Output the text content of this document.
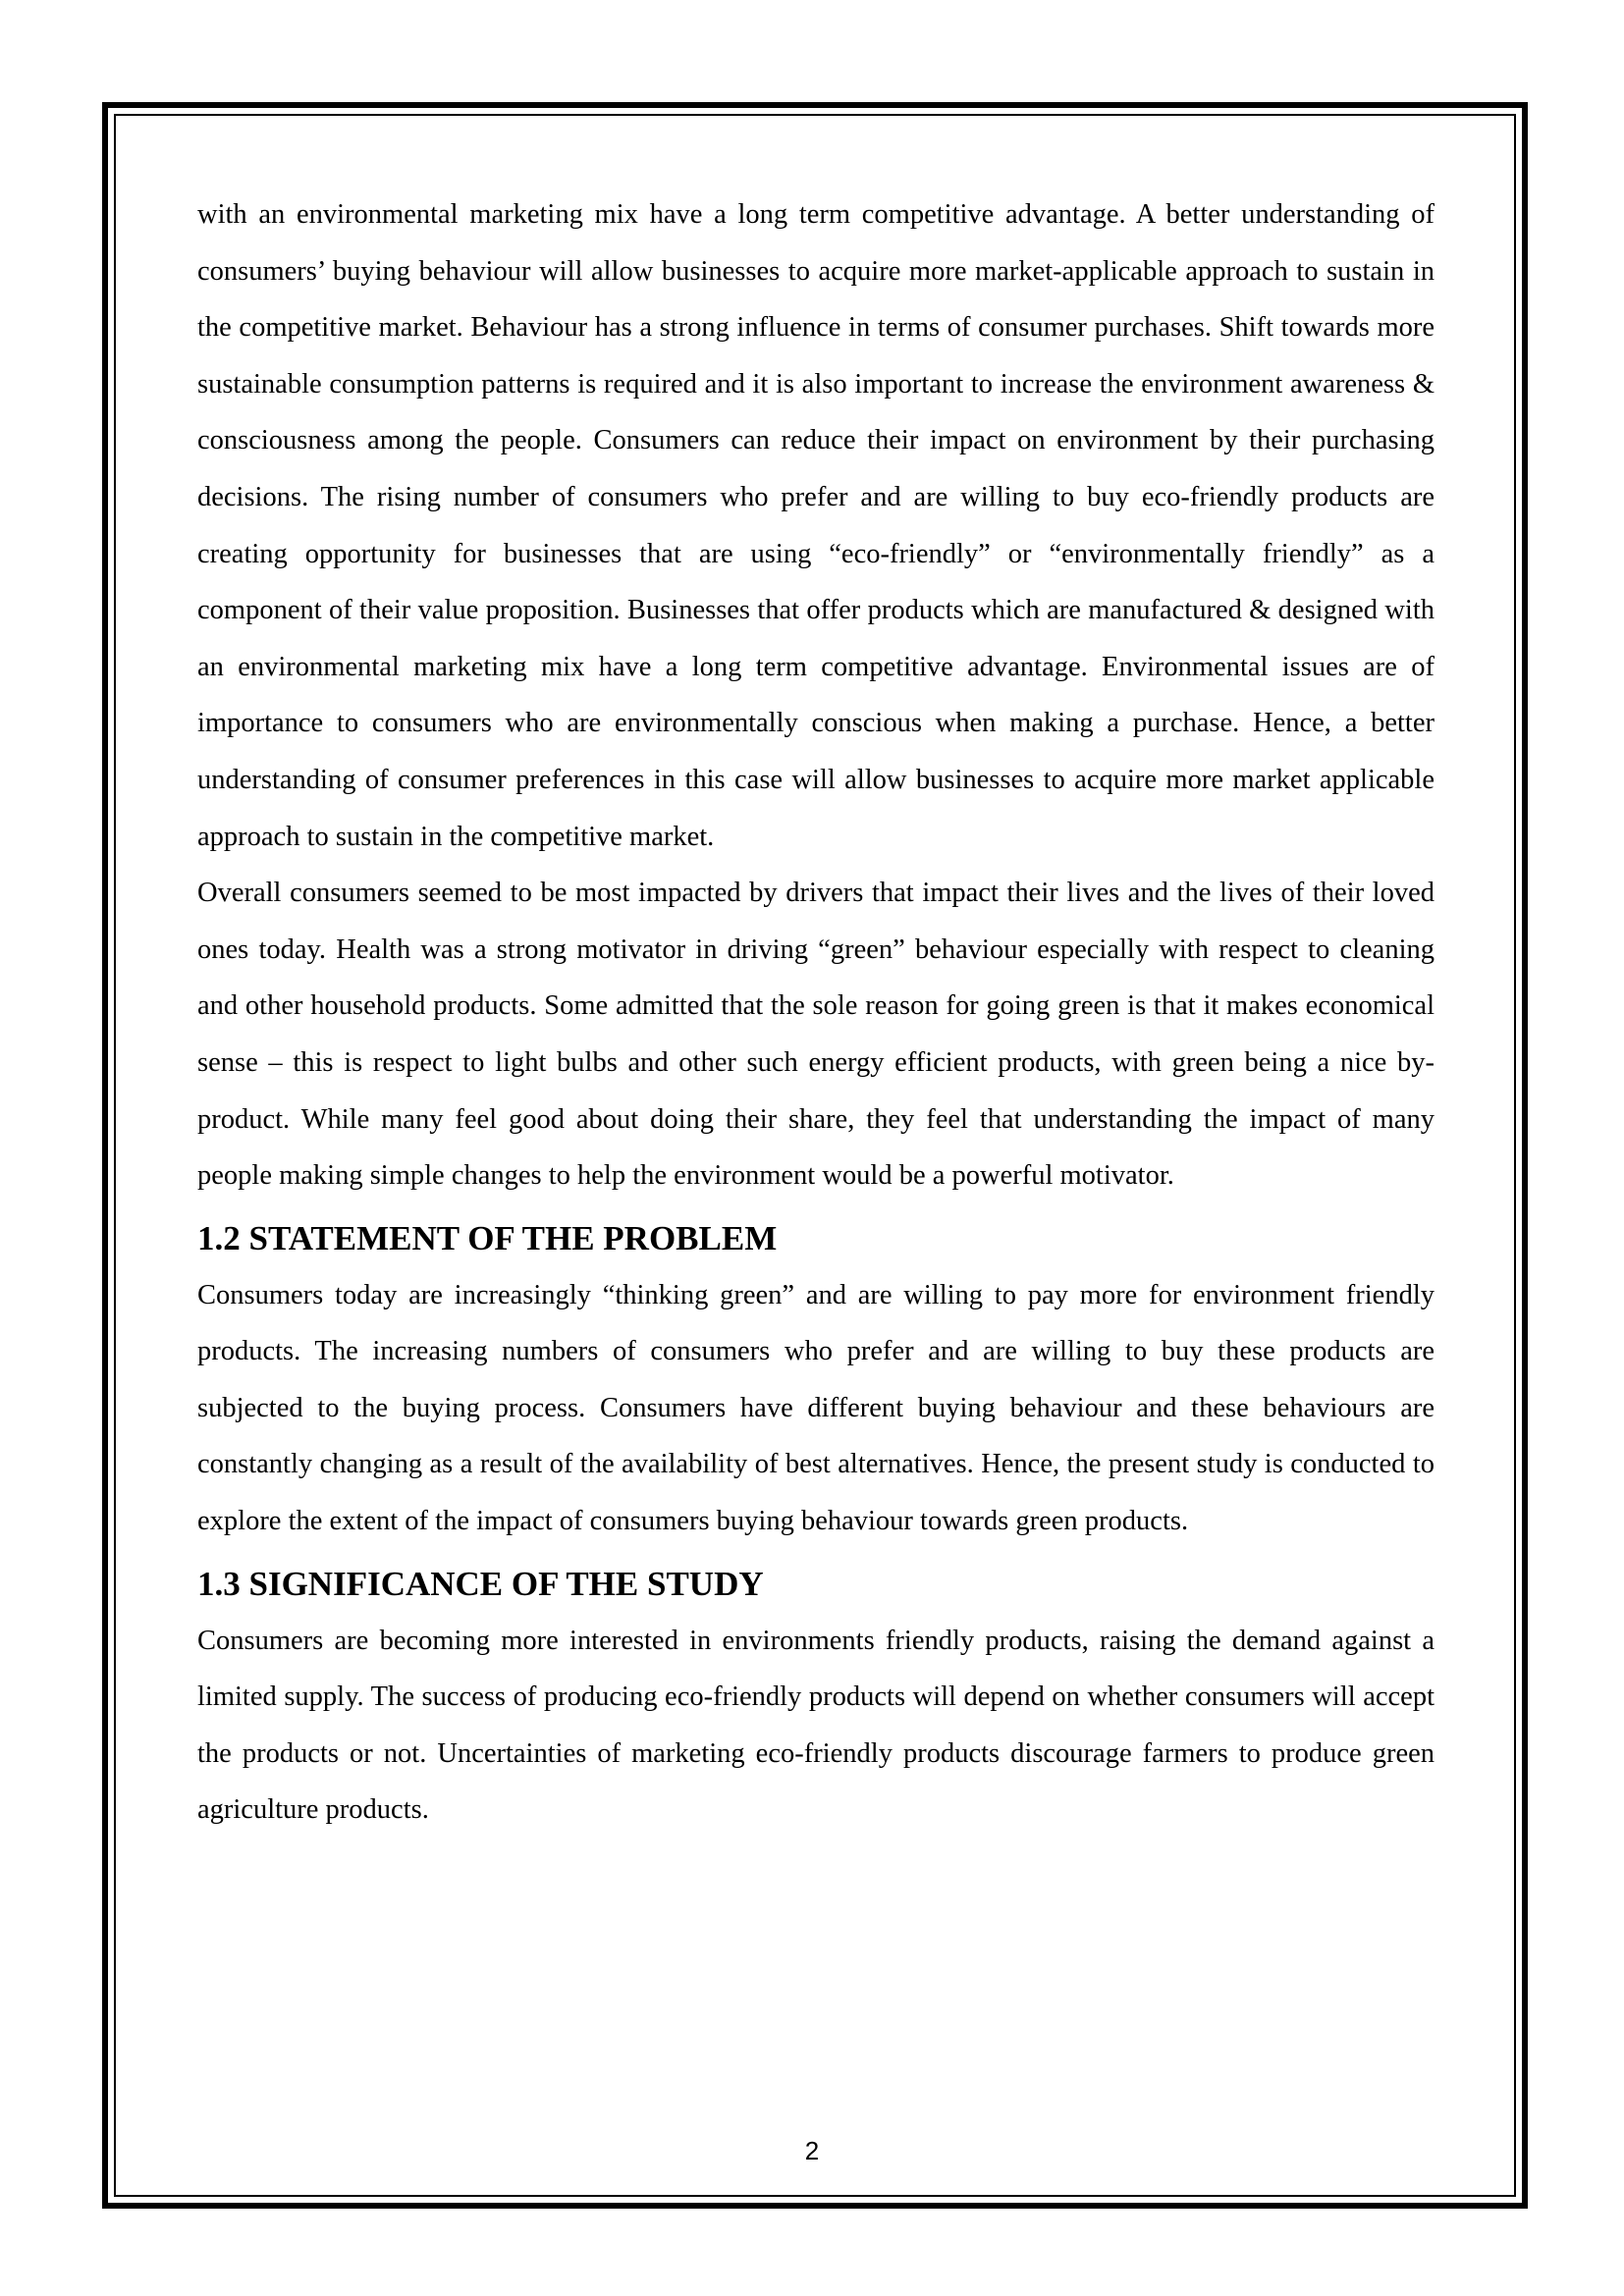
with an environmental marketing mix have a long term competitive advantage. A better understanding of consumers’ buying behaviour will allow businesses to acquire more market-applicable approach to sustain in the competitive market. Behaviour has a strong influence in terms of consumer purchases. Shift towards more sustainable consumption patterns is required and it is also important to increase the environment awareness & consciousness among the people. Consumers can reduce their impact on environment by their purchasing decisions. The rising number of consumers who prefer and are willing to buy eco-friendly products are creating opportunity for businesses that are using “eco-friendly” or “environmentally friendly” as a component of their value proposition. Businesses that offer products which are manufactured & designed with an environmental marketing mix have a long term competitive advantage. Environmental issues are of importance to consumers who are environmentally conscious when making a purchase. Hence, a better understanding of consumer preferences in this case will allow businesses to acquire more market applicable approach to sustain in the competitive market.

Overall consumers seemed to be most impacted by drivers that impact their lives and the lives of their loved ones today. Health was a strong motivator in driving “green” behaviour especially with respect to cleaning and other household products. Some admitted that the sole reason for going green is that it makes economical sense – this is respect to light bulbs and other such energy efficient products, with green being a nice by-product. While many feel good about doing their share, they feel that understanding the impact of many people making simple changes to help the environment would be a powerful motivator.

1.2 STATEMENT OF THE PROBLEM

Consumers today are increasingly “thinking green” and are willing to pay more for environment friendly products. The increasing numbers of consumers who prefer and are willing to buy these products are subjected to the buying process. Consumers have different buying behaviour and these behaviours are constantly changing as a result of the availability of best alternatives. Hence, the present study is conducted to explore the extent of the impact of consumers buying behaviour towards green products.

1.3 SIGNIFICANCE OF THE STUDY

Consumers are becoming more interested in environments friendly products, raising the demand against a limited supply. The success of producing eco-friendly products will depend on whether consumers will accept the products or not. Uncertainties of marketing eco-friendly products discourage farmers to produce green agriculture products.

2
